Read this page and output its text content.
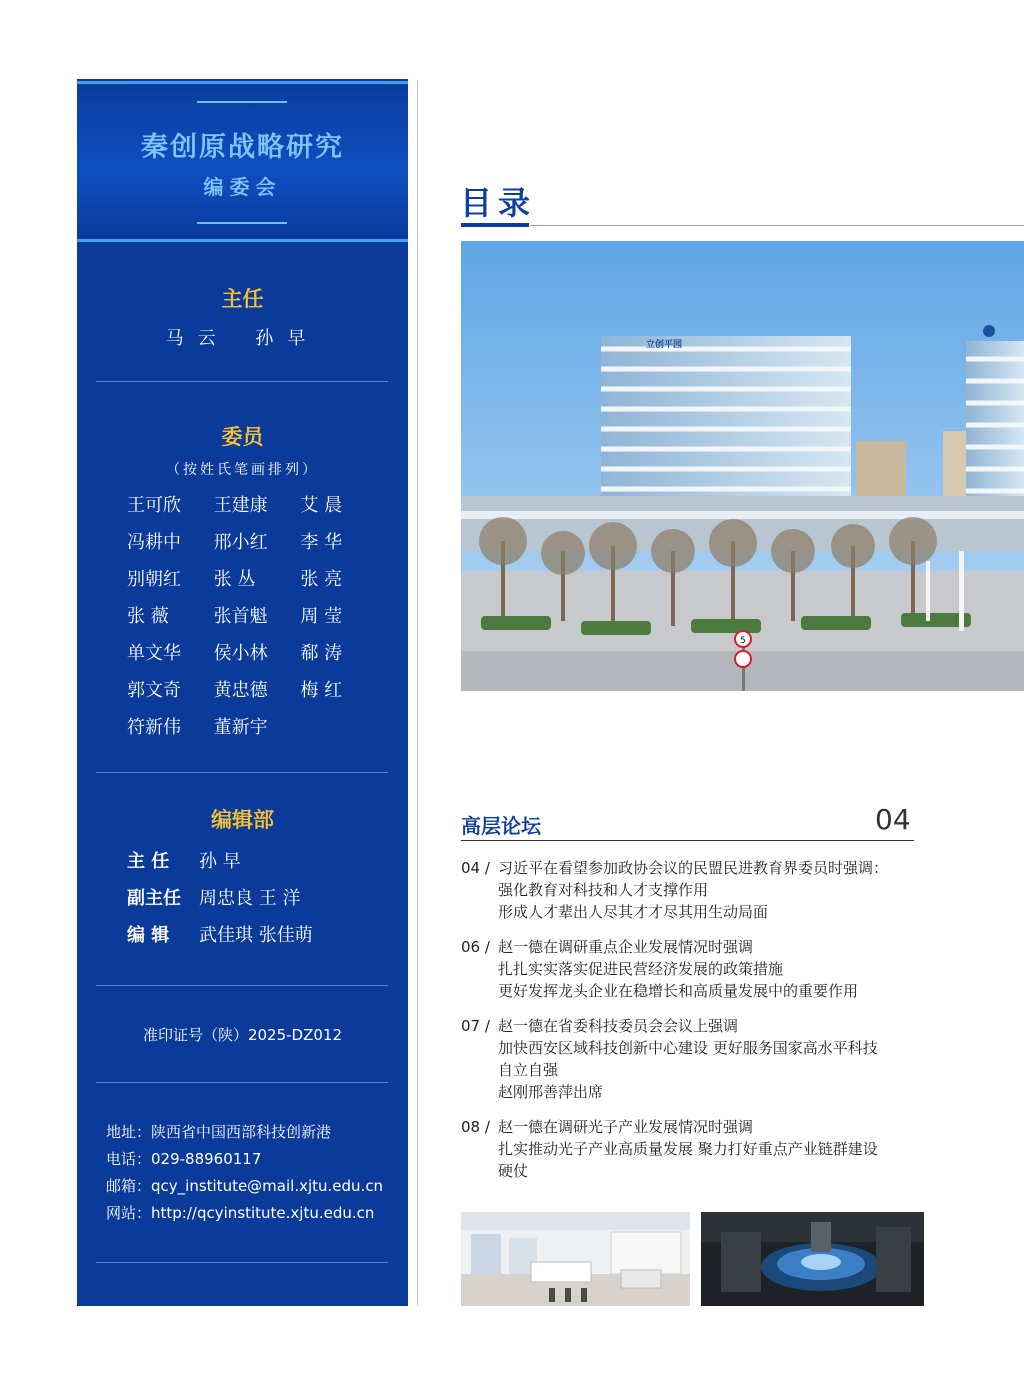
秦创原战略研究
编委会
主任
马云 孙早
委员
（按姓氏笔画排列）
王可欣	王建康	艾 晨
冯耕中	邢小红	李 华
别朝红	张 丛	张 亮
张 薇	张首魁	周 莹
单文华	侯小林	郗 涛
郭文奇	黄忠德	梅 红
符新伟	董新宇
编辑部
主 任	孙 早
副主任	周忠良 王 洋
编 辑	武佳琪 张佳萌
准印证号（陕）2025-DZ012
地址：陕西省中国西部科技创新港
电话：029-88960117
邮箱：qcy_institute@mail.xjtu.edu.cn
网站：http://qcyinstitute.xjtu.edu.cn
目录
立创平园
5
高层论坛	04
04 / 习近平在看望参加政协会议的民盟民进教育界委员时强调：
强化教育对科技和人才支撑作用
形成人才辈出人尽其才才尽其用生动局面
06 / 赵一德在调研重点企业发展情况时强调
扎扎实实落实促进民营经济发展的政策措施
更好发挥龙头企业在稳增长和高质量发展中的重要作用
07 / 赵一德在省委科技委员会会议上强调
加快西安区域科技创新中心建设 更好服务国家高水平科技
自立自强
赵刚邢善萍出席
08 / 赵一德在调研光子产业发展情况时强调
扎实推动光子产业高质量发展 聚力打好重点产业链群建设
硬仗
